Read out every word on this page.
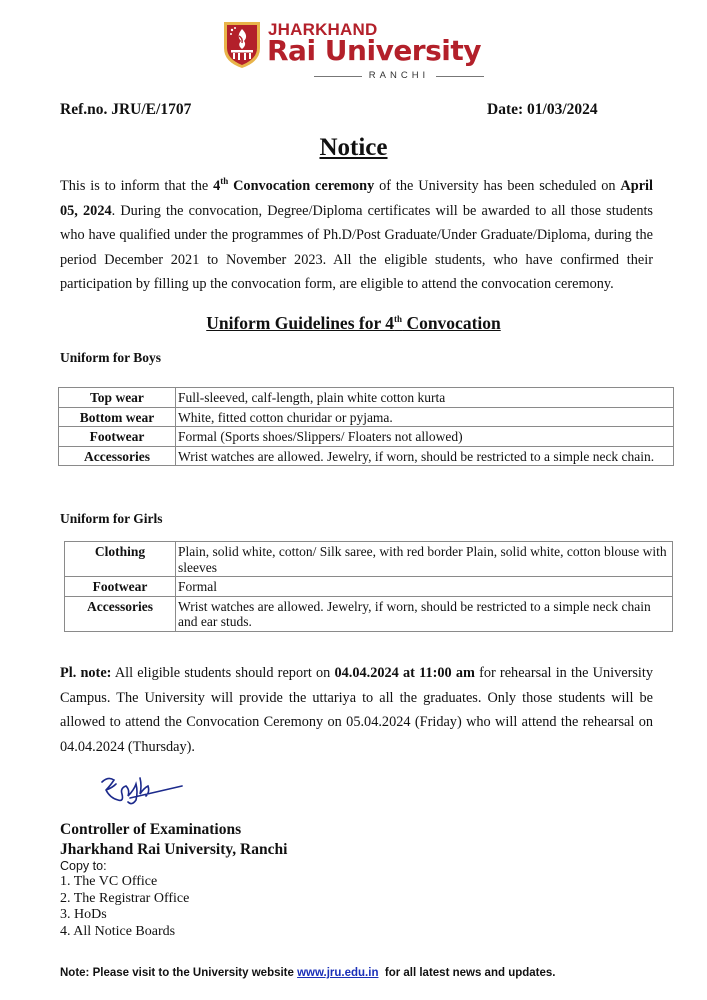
JHARKHAND
Rai University
RANCHI
Ref.no. JRU/E/1707	Date: 01/03/2024
Notice
This is to inform that the 4th Convocation ceremony of the University has been scheduled on April 05, 2024. During the convocation, Degree/Diploma certificates will be awarded to all those students who have qualified under the programmes of Ph.D/Post Graduate/Under Graduate/Diploma, during the period December 2021 to November 2023. All the eligible students, who have confirmed their participation by filling up the convocation form, are eligible to attend the convocation ceremony.
Uniform Guidelines for 4th Convocation
Uniform for Boys
Top wear	Full-sleeved, calf-length, plain white cotton kurta
Bottom wear	White, fitted cotton churidar or pyjama.
Footwear	Formal (Sports shoes/Slippers/ Floaters not allowed)
Accessories	Wrist watches are allowed. Jewelry, if worn, should be restricted to a simple neck chain.
Uniform for Girls
Clothing	Plain, solid white, cotton/ Silk saree, with red border Plain, solid white, cotton blouse with sleeves
Footwear	Formal
Accessories	Wrist watches are allowed. Jewelry, if worn, should be restricted to a simple neck chain and ear studs.
Pl. note: All eligible students should report on 04.04.2024 at 11:00 am for rehearsal in the University Campus. The University will provide the uttariya to all the graduates. Only those students will be allowed to attend the Convocation Ceremony on 05.04.2024 (Friday) who will attend the rehearsal on 04.04.2024 (Thursday).
Controller of Examinations
Jharkhand Rai University, Ranchi
Copy to:
1. The VC Office
2. The Registrar Office
3. HoDs
4. All Notice Boards
Note: Please visit to the University website www.jru.edu.in  for all latest news and updates.
